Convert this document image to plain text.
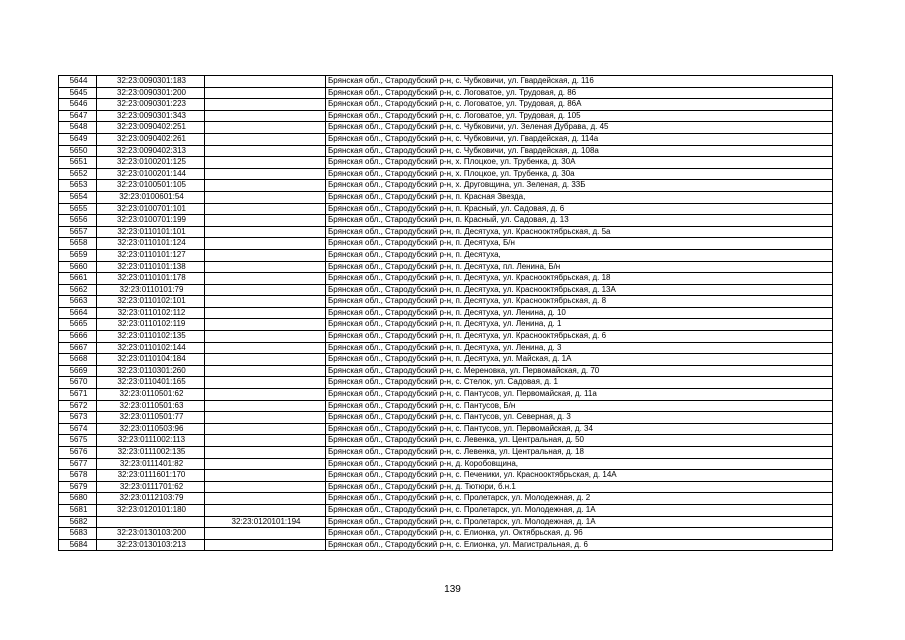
5644	32:23:0090301:183		Брянская обл., Стародубский р-н, с. Чубковичи, ул. Гвардейская, д. 116
5645	32:23:0090301:200		Брянская обл., Стародубский р-н, с. Логоватое, ул. Трудовая, д. 86
5646	32:23:0090301:223		Брянская обл., Стародубский р-н, с. Логоватое, ул. Трудовая, д. 86А
5647	32:23:0090301:343		Брянская обл., Стародубский р-н, с. Логоватое, ул. Трудовая, д. 105
5648	32:23:0090402:251		Брянская обл., Стародубский р-н, с. Чубковичи, ул. Зеленая Дубрава, д. 45
5649	32:23:0090402:261		Брянская обл., Стародубский р-н, с. Чубковичи, ул. Гвардейская, д. 114а
5650	32:23:0090402:313		Брянская обл., Стародубский р-н, с. Чубковичи, ул. Гвардейская, д. 108а
5651	32:23:0100201:125		Брянская обл., Стародубский р-н, х. Плоцкое, ул. Трубенка, д. 30А
5652	32:23:0100201:144		Брянская обл., Стародубский р-н, х. Плоцкое, ул. Трубенка, д. 30а
5653	32:23:0100501:105		Брянская обл., Стародубский р-н, х. Друговщина, ул. Зеленая, д. 33Б
5654	32:23:0100601:54		Брянская обл., Стародубский р-н, п. Красная Звезда,
5655	32:23:0100701:101		Брянская обл., Стародубский р-н, п. Красный, ул. Садовая, д. 6
5656	32:23:0100701:199		Брянская обл., Стародубский р-н, п. Красный, ул. Садовая, д. 13
5657	32:23:0110101:101		Брянская обл., Стародубский р-н, п. Десятуха, ул. Красноoктябрьская, д. 5а
5658	32:23:0110101:124		Брянская обл., Стародубский р-н, п. Десятуха, Б/н
5659	32:23:0110101:127		Брянская обл., Стародубский р-н, п. Десятуха,
5660	32:23:0110101:138		Брянская обл., Стародубский р-н, п. Десятуха, пл. Ленина, Б/н
5661	32:23:0110101:178		Брянская обл., Стародубский р-н, п. Десятуха, ул. Красноoктябрьская, д. 18
5662	32:23:0110101:79		Брянская обл., Стародубский р-н, п. Десятуха, ул. Красноoктябрьская, д. 13А
5663	32:23:0110102:101		Брянская обл., Стародубский р-н, п. Десятуха, ул. Красноoктябрьская, д. 8
5664	32:23:0110102:112		Брянская обл., Стародубский р-н, п. Десятуха, ул. Ленина, д. 10
5665	32:23:0110102:119		Брянская обл., Стародубский р-н, п. Десятуха, ул. Ленина, д. 1
5666	32:23:0110102:135		Брянская обл., Стародубский р-н, п. Десятуха, ул. Красноoктябрьская, д. 6
5667	32:23:0110102:144		Брянская обл., Стародубский р-н, п. Десятуха, ул. Ленина, д. 3
5668	32:23:0110104:184		Брянская обл., Стародубский р-н, п. Десятуха, ул. Майская, д. 1А
5669	32:23:0110301:260		Брянская обл., Стародубский р-н, с. Мереновка, ул. Первомайская, д. 70
5670	32:23:0110401:165		Брянская обл., Стародубский р-н, с. Стелок, ул. Садовая, д. 1
5671	32:23:0110501:62		Брянская обл., Стародубский р-н, с. Пантусов, ул. Первомайская, д. 11а
5672	32:23:0110501:63		Брянская обл., Стародубский р-н, с. Пантусов, Б/н
5673	32:23:0110501:77		Брянская обл., Стародубский р-н, с. Пантусов, ул. Северная, д. 3
5674	32:23:0110503:96		Брянская обл., Стародубский р-н, с. Пантусов, ул. Первомайская, д. 34
5675	32:23:0111002:113		Брянская обл., Стародубский р-н, с. Левенка, ул. Центральная, д. 50
5676	32:23:0111002:135		Брянская обл., Стародубский р-н, с. Левенка, ул. Центральная, д. 18
5677	32:23:0111401:82		Брянская обл., Стародубский р-н, д. Коробовщина,
5678	32:23:0111601:170		Брянская обл., Стародубский р-н, с. Печеники, ул. Красноoктябрьская, д. 14А
5679	32:23:0111701:62		Брянская обл., Стародубский р-н, д. Тютюри, б.н.1
5680	32:23:0112103:79		Брянская обл., Стародубский р-н, с. Пролетарск, ул. Молодежная, д. 2
5681	32:23:0120101:180		Брянская обл., Стародубский р-н, с. Пролетарск, ул. Молодежная, д. 1А
5682		32:23:0120101:194	Брянская обл., Стародубский р-н, с. Пролетарск, ул. Молодежная, д. 1А
5683	32:23:0130103:200		Брянская обл., Стародубский р-н, с. Елионка, ул. Октябрьская, д. 96
5684	32:23:0130103:213		Брянская обл., Стародубский р-н, с. Елионка, ул. Магистральная, д. 6
139
